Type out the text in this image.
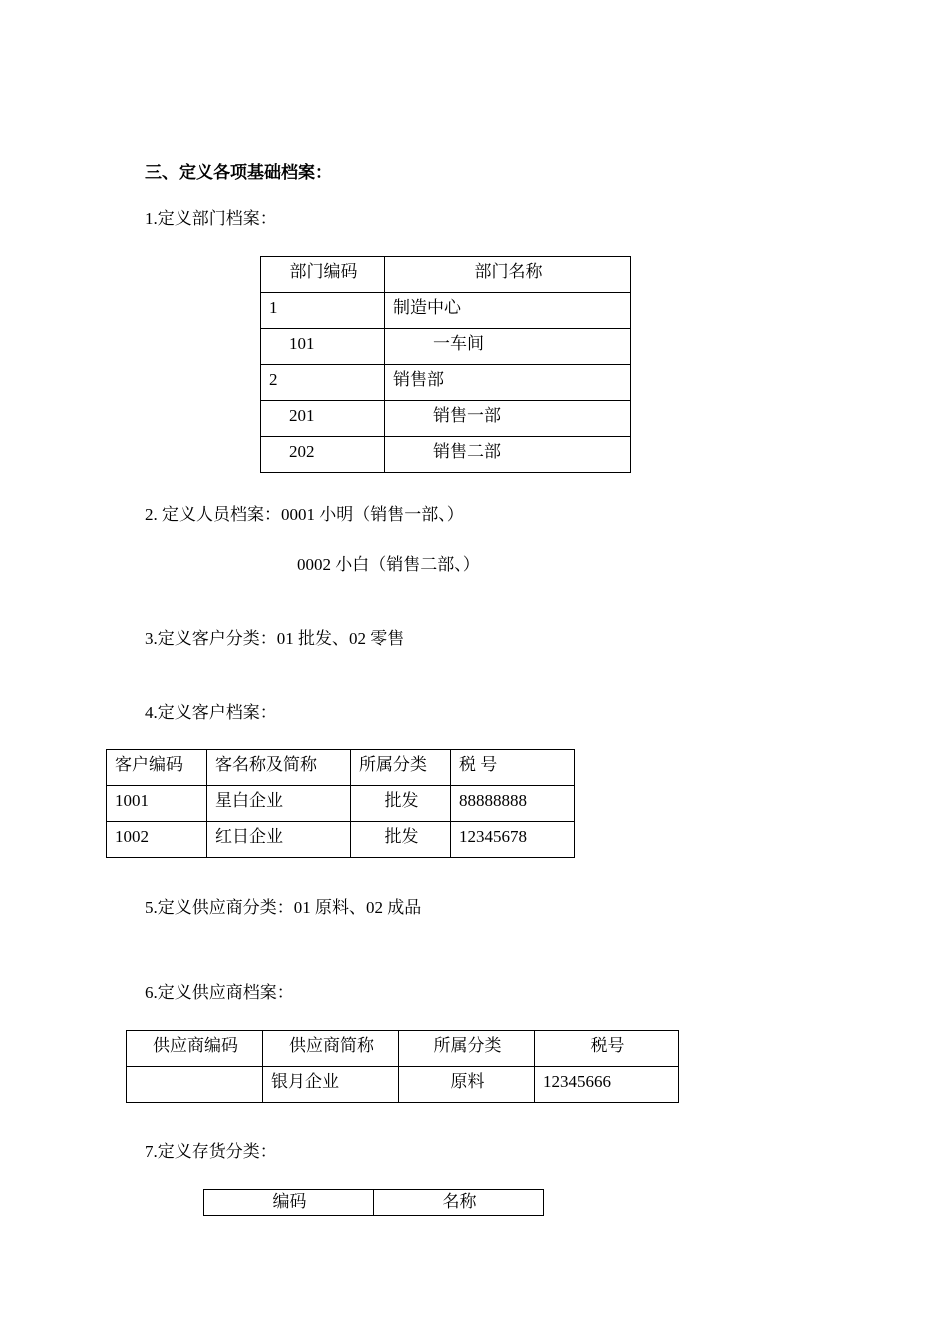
三、定义各项基础档案：
1.定义部门档案：
部门编码	部门名称
1	制造中心
101	一车间
2	销售部
201	销售一部
202	销售二部
2. 定义人员档案：0001 小明（销售一部、）
0002 小白（销售二部、）
3.定义客户分类：01 批发、02 零售
4.定义客户档案：
客户编码	客名称及简称	所属分类	税 号
1001	星白企业	批发	88888888
1002	红日企业	批发	12345678
5.定义供应商分类：01 原料、02 成品
6.定义供应商档案：
供应商编码	供应商简称	所属分类	税号
	银月企业	原料	12345666
7.定义存货分类：
编码	名称
